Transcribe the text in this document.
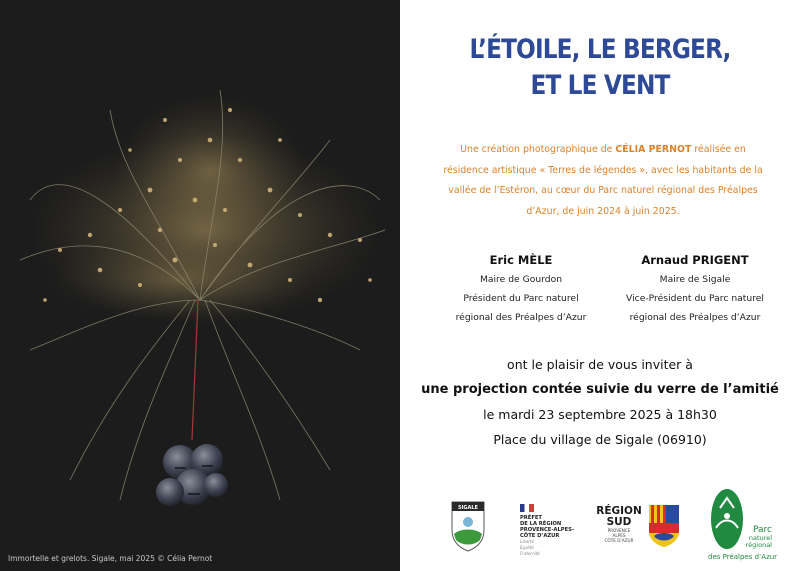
Immortelle et grelots. Sigale, mai 2025 © Célia Pernot
L’ÉTOILE, LE BERGER,
ET LE VENT
Une création photographique de CÉLIA PERNOT réalisée en résidence artistique « Terres de légendes », avec les habitants de la vallée de l’Estéron, au cœur du Parc naturel régional des Préalpes d’Azur, de juin 2024 à juin 2025.
Eric MÈLE
Maire de Gourdon
Président du Parc naturel
régional des Préalpes d’Azur
Arnaud PRIGENT
Maire de Sigale
Vice-Président du Parc naturel
régional des Préalpes d’Azur
ont le plaisir de vous inviter à
une projection contée suivie du verre de l’amitié
le mardi 23 septembre 2025 à 18h30
Place du village de Sigale (06910)
SIGALE
PRÉFET
DE LA RÉGION
PROVENCE-ALPES-
CÔTE D’AZUR
Liberté
Égalité
Fraternité
RÉGION
SUD
PROVENCE
ALPES
CÔTE D’AZUR
Parc
naturel
régional
des Préalpes d’Azur
